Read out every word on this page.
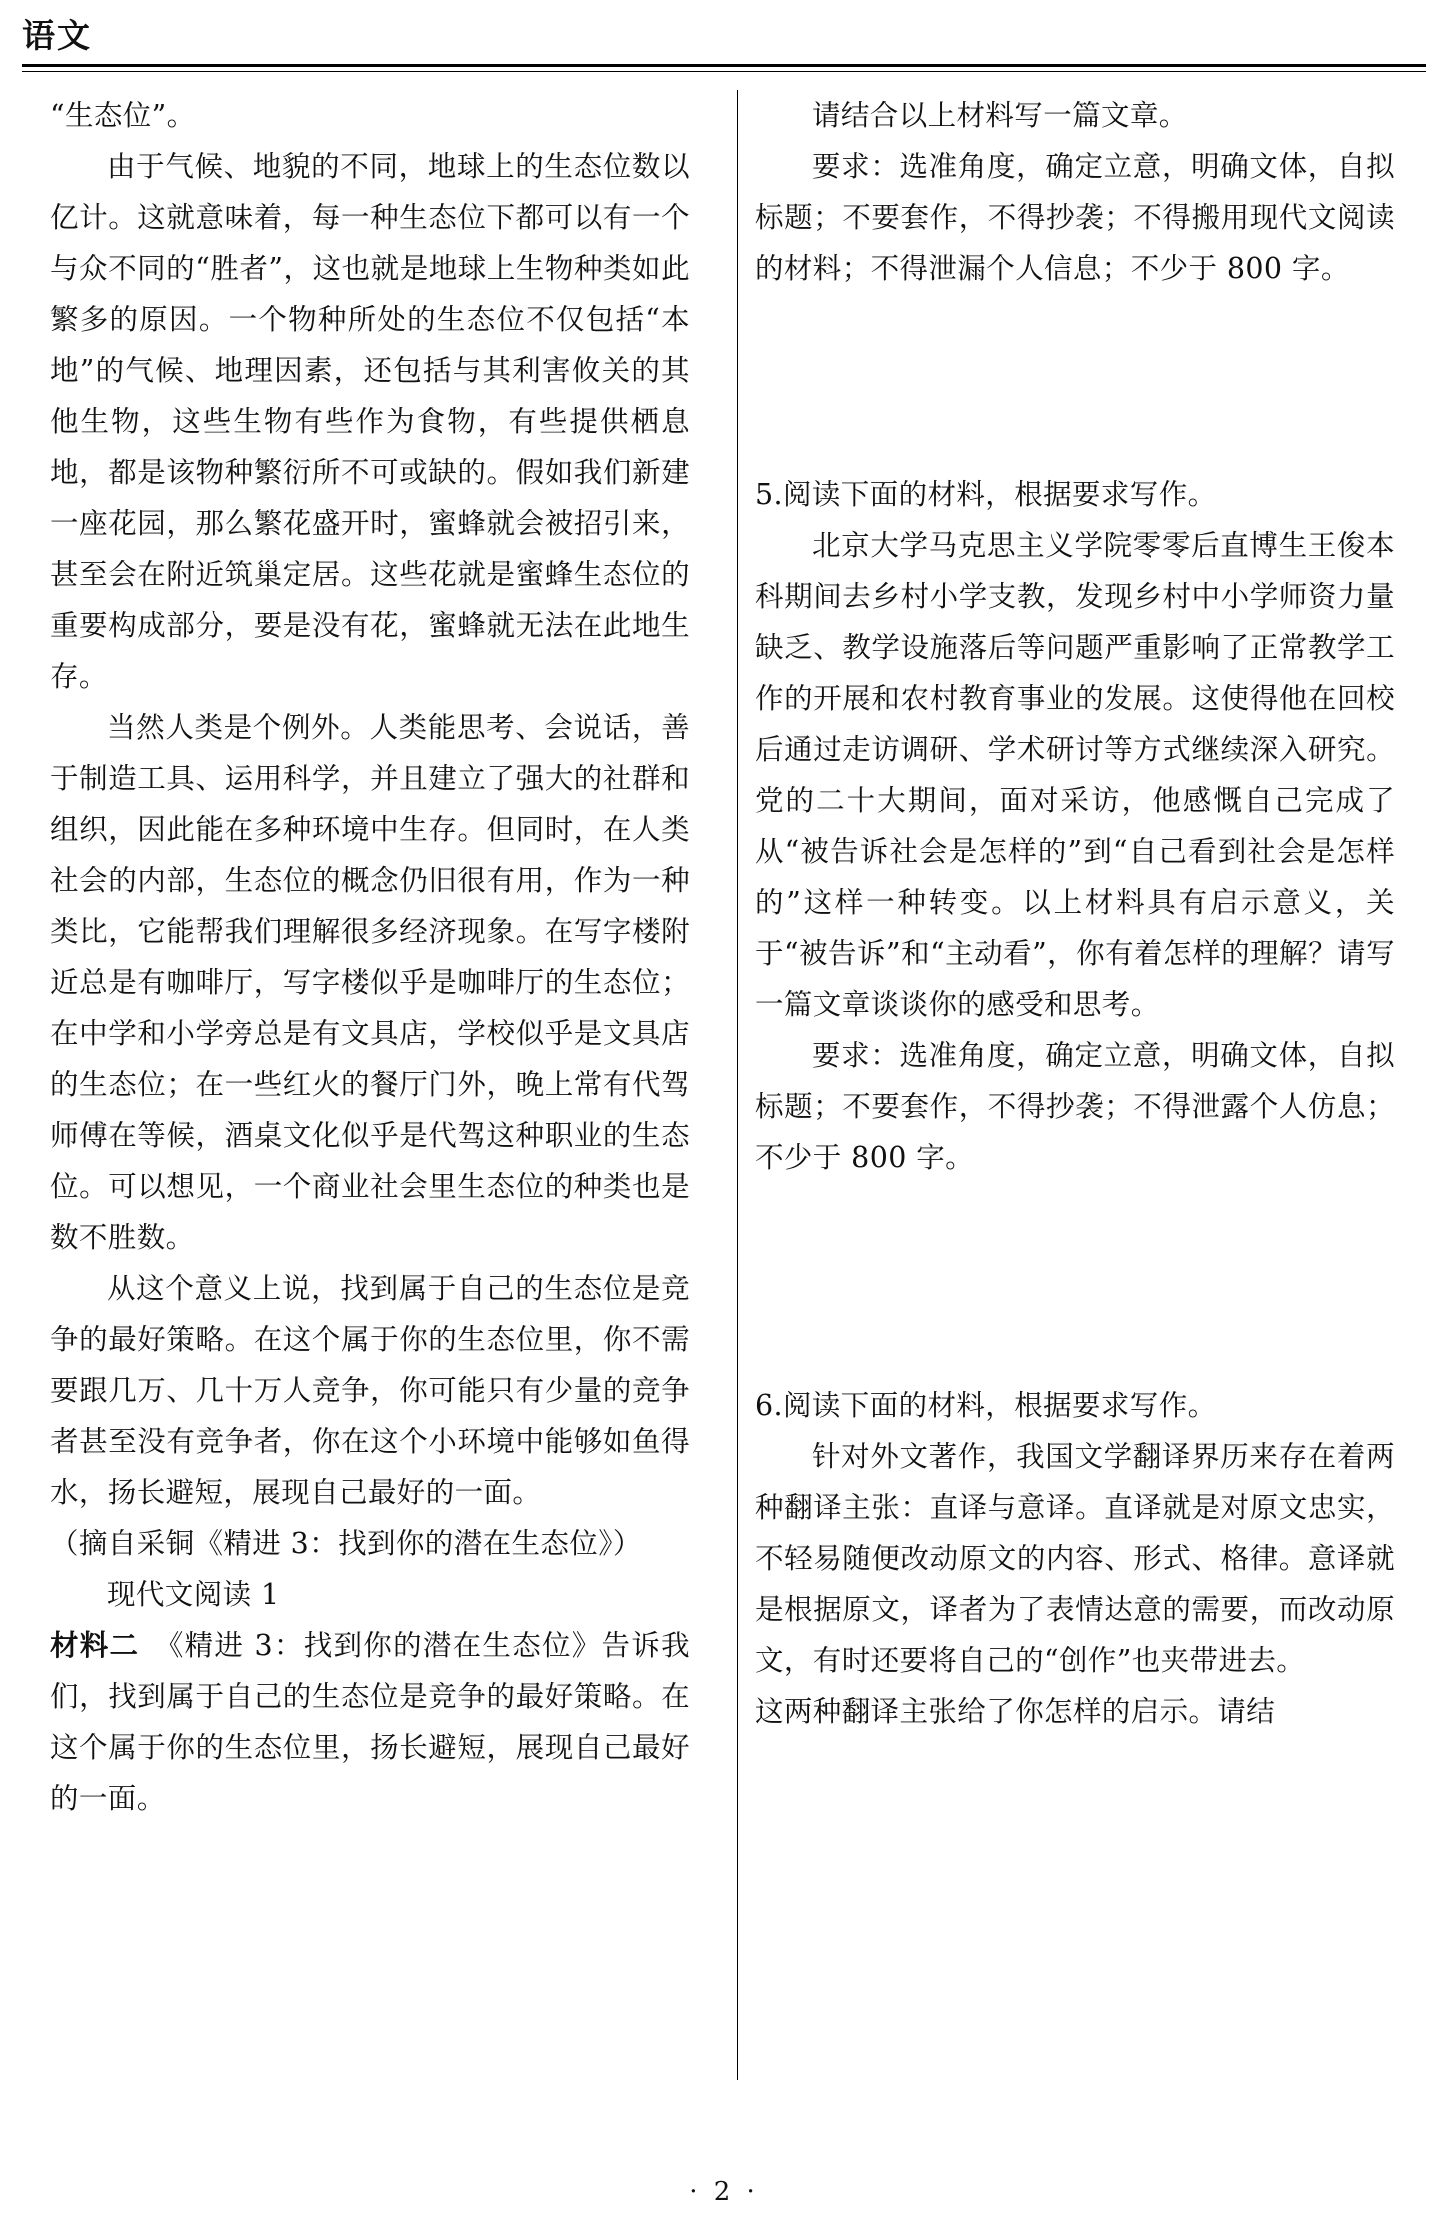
语文

“生态位”。

由于气候、地貌的不同，地球上的生态位数以亿计。这就意味着，每一种生态位下都可以有一个与众不同的“胜者”，这也就是地球上生物种类如此繁多的原因。一个物种所处的生态位不仅包括“本地”的气候、地理因素，还包括与其利害攸关的其他生物，这些生物有些作为食物，有些提供栖息地，都是该物种繁衍所不可或缺的。假如我们新建一座花园，那么繁花盛开时，蜜蜂就会被招引来，甚至会在附近筑巢定居。这些花就是蜜蜂生态位的重要构成部分，要是没有花，蜜蜂就无法在此地生存。

当然人类是个例外。人类能思考、会说话，善于制造工具、运用科学，并且建立了强大的社群和组织，因此能在多种环境中生存。但同时，在人类社会的内部，生态位的概念仍旧很有用，作为一种类比，它能帮我们理解很多经济现象。在写字楼附近总是有咖啡厅，写字楼似乎是咖啡厅的生态位；在中学和小学旁总是有文具店，学校似乎是文具店的生态位；在一些红火的餐厅门外，晚上常有代驾师傅在等候，酒桌文化似乎是代驾这种职业的生态位。可以想见，一个商业社会里生态位的种类也是数不胜数。

从这个意义上说，找到属于自己的生态位是竞争的最好策略。在这个属于你的生态位里，你不需要跟几万、几十万人竞争，你可能只有少量的竞争者甚至没有竞争者，你在这个小环境中能够如鱼得水，扬长避短，展现自己最好的一面。

（摘自采铜《精进 3：找到你的潜在生态位》）

现代文阅读 1

材料二　 《精进 3：找到你的潜在生态位》告诉我们，找到属于自己的生态位是竞争的最好策略。在这个属于你的生态位里，扬长避短，展现自己最好的一面。

请结合以上材料写一篇文章。

要求：选准角度，确定立意，明确文体，自拟标题；不要套作，不得抄袭；不得搬用现代文阅读的材料；不得泄漏个人信息；不少于 800 字。

5.阅读下面的材料，根据要求写作。

北京大学马克思主义学院零零后直博生王俊本科期间去乡村小学支教，发现乡村中小学师资力量缺乏、教学设施落后等问题严重影响了正常教学工作的开展和农村教育事业的发展。这使得他在回校后通过走访调研、学术研讨等方式继续深入研究。党的二十大期间，面对采访，他感慨自己完成了从“被告诉社会是怎样的”到“自己看到社会是怎样的”这样一种转变。以上材料具有启示意义，关于“被告诉”和“主动看”，你有着怎样的理解？请写一篇文章谈谈你的感受和思考。

要求：选准角度，确定立意，明确文体，自拟标题；不要套作，不得抄袭；不得泄露个人仿息；不少于 800 字。

6.阅读下面的材料，根据要求写作。

针对外文著作，我国文学翻译界历来存在着两种翻译主张：直译与意译。直译就是对原文忠实，不轻易随便改动原文的内容、形式、格律。意译就是根据原文，译者为了表情达意的需要，而改动原文，有时还要将自己的“创作”也夹带进去。

这两种翻译主张给了你怎样的启示。请结

· 2 ·
